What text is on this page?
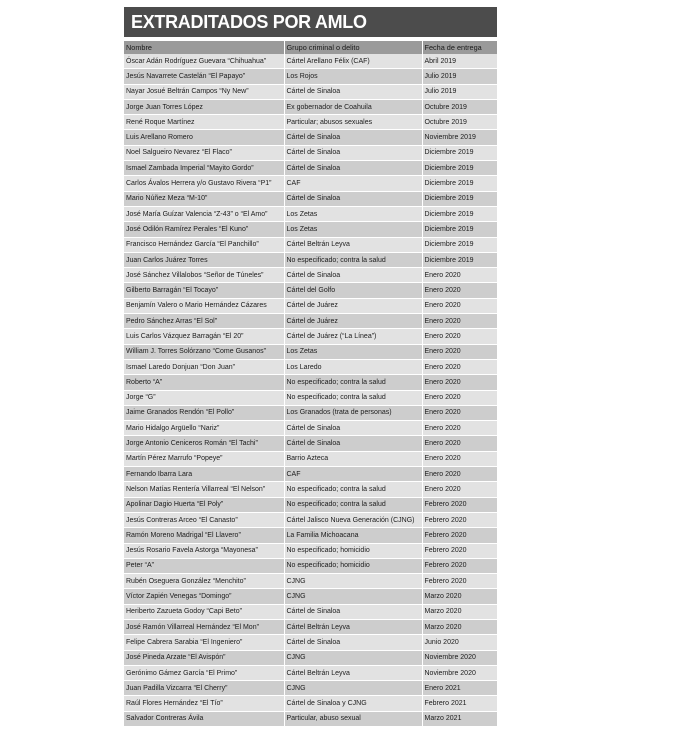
EXTRADITADOS POR AMLO
Nombre	Grupo criminal o delito	Fecha de entrega
Óscar Adán Rodríguez Guevara “Chihuahua”	Cártel Arellano Félix (CAF)	Abril 2019
Jesús Navarrete Castelán “El Papayo”	Los Rojos	Julio 2019
Nayar Josué Beltrán Campos “Ny New”	Cártel de Sinaloa	Julio 2019
Jorge Juan Torres López	Ex gobernador de Coahuila	Octubre 2019
René Roque Martínez	Particular; abusos sexuales	Octubre 2019
Luis Arellano Romero	Cártel de Sinaloa	Noviembre 2019
Noel Salgueiro Nevarez “El Flaco”	Cártel de Sinaloa	Diciembre 2019
Ismael Zambada Imperial “Mayito Gordo”	Cártel de Sinaloa	Diciembre 2019
Carlos Ávalos Herrera y/o Gustavo Rivera “P1”	CAF	Diciembre 2019
Mario Núñez Meza “M-10”	Cártel de Sinaloa	Diciembre 2019
José María Guízar Valencia “Z-43” o “El Amo”	Los Zetas	Diciembre 2019
José Odilón Ramírez Perales “El Kuno”	Los Zetas	Diciembre 2019
Francisco Hernández García “El Panchillo”	Cártel Beltrán Leyva	Diciembre 2019
Juan Carlos Juárez Torres	No especificado; contra la salud	Diciembre 2019
José Sánchez Villalobos “Señor de Túneles”	Cártel de Sinaloa	Enero 2020
Gilberto Barragán “El Tocayo”	Cártel del Golfo	Enero 2020
Benjamín Valero o Mario Hernández Cázares	Cártel de Juárez	Enero 2020
Pedro Sánchez Arras “El Sol”	Cártel de Juárez	Enero 2020
Luis Carlos Vázquez Barragán “El 20”	Cártel de Juárez (“La Línea”)	Enero 2020
William J. Torres Solórzano “Come Gusanos”	Los Zetas	Enero 2020
Ismael Laredo Donjuan “Don Juan”	Los Laredo	Enero 2020
Roberto “A”	No especificado; contra la salud	Enero 2020
Jorge “G”	No especificado; contra la salud	Enero 2020
Jaime Granados Rendón “El Pollo”	Los Granados (trata de personas)	Enero 2020
Mario Hidalgo Argüello “Nariz”	Cártel de Sinaloa	Enero 2020
Jorge Antonio Ceniceros Román “El Tachi”	Cártel de Sinaloa	Enero 2020
Martín Pérez Marrufo “Popeye”	Barrio Azteca	Enero 2020
Fernando Ibarra Lara	CAF	Enero 2020
Nelson Matías Rentería Villarreal “El Nelson”	No especificado; contra la salud	Enero 2020
Apolinar Dagio Huerta “El Poly”	No especificado; contra la salud	Febrero 2020
Jesús Contreras Arceo “El Canasto”	Cártel Jalisco Nueva Generación (CJNG)	Febrero 2020
Ramón Moreno Madrigal “El Llavero”	La Familia Michoacana	Febrero 2020
Jesús Rosario Favela Astorga “Mayonesa”	No especificado; homicidio	Febrero 2020
Peter “A”	No especificado; homicidio	Febrero 2020
Rubén Oseguera González “Menchito”	CJNG	Febrero 2020
Víctor Zapién Venegas “Domingo”	CJNG	Marzo 2020
Heriberto Zazueta Godoy “Capi Beto”	Cártel de Sinaloa	Marzo 2020
José Ramón Villarreal Hernández “El Mon”	Cártel Beltrán Leyva	Marzo 2020
Felipe Cabrera Sarabia “El Ingeniero”	Cártel de Sinaloa	Junio 2020
José Pineda Arzate “El Avispón”	CJNG	Noviembre 2020
Gerónimo Gámez García “El Primo”	Cártel Beltrán Leyva	Noviembre 2020
Juan Padilla Vizcarra “El Cherry”	CJNG	Enero 2021
Raúl Flores Hernández “El Tío”	Cártel de Sinaloa y CJNG	Febrero 2021
Salvador Contreras Ávila	Particular, abuso sexual	Marzo 2021
